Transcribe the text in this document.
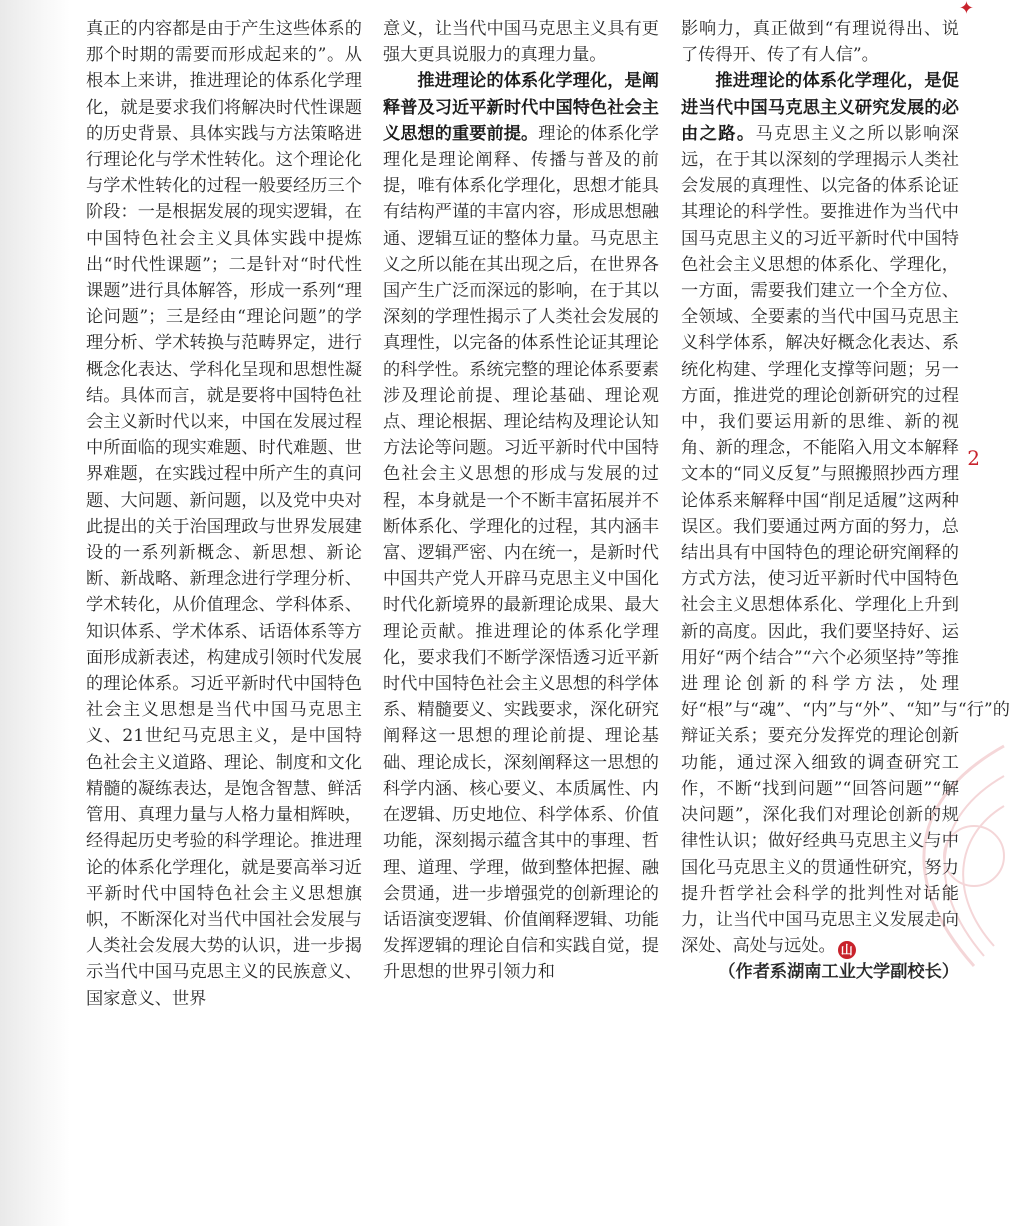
✦

真正的内容都是由于产生这些体系的那个时期的需要而形成起来的”。从根本上来讲，推进理论的体系化学理化，就是要求我们将解决时代性课题的历史背景、具体实践与方法策略进行理论化与学术性转化。这个理论化与学术性转化的过程一般要经历三个阶段：一是根据发展的现实逻辑，在中国特色社会主义具体实践中提炼出“时代性课题”；二是针对“时代性课题”进行具体解答，形成一系列“理论问题”；三是经由“理论问题”的学理分析、学术转换与范畴界定，进行概念化表达、学科化呈现和思想性凝结。具体而言，就是要将中国特色社会主义新时代以来，中国在发展过程中所面临的现实难题、时代难题、世界难题，在实践过程中所产生的真问题、大问题、新问题，以及党中央对此提出的关于治国理政与世界发展建设的一系列新概念、新思想、新论断、新战略、新理念进行学理分析、学术转化，从价值理念、学科体系、知识体系、学术体系、话语体系等方面形成新表述，构建成引领时代发展的理论体系。习近平新时代中国特色社会主义思想是当代中国马克思主义、21世纪马克思主义，是中国特色社会主义道路、理论、制度和文化精髓的凝练表达，是饱含智慧、鲜活管用、真理力量与人格力量相辉映，经得起历史考验的科学理论。推进理论的体系化学理化，就是要高举习近平新时代中国特色社会主义思想旗帜，不断深化对当代中国社会发展与人类社会发展大势的认识，进一步揭示当代中国马克思主义的民族意义、国家意义、世界

意义，让当代中国马克思主义具有更强大更具说服力的真理力量。

推进理论的体系化学理化，是阐释普及习近平新时代中国特色社会主义思想的重要前提。理论的体系化学理化是理论阐释、传播与普及的前提，唯有体系化学理化，思想才能具有结构严谨的丰富内容，形成思想融通、逻辑互证的整体力量。马克思主义之所以能在其出现之后，在世界各国产生广泛而深远的影响，在于其以深刻的学理性揭示了人类社会发展的真理性，以完备的体系性论证其理论的科学性。系统完整的理论体系要素涉及理论前提、理论基础、理论观点、理论根据、理论结构及理论认知方法论等问题。习近平新时代中国特色社会主义思想的形成与发展的过程，本身就是一个不断丰富拓展并不断体系化、学理化的过程，其内涵丰富、逻辑严密、内在统一，是新时代中国共产党人开辟马克思主义中国化时代化新境界的最新理论成果、最大理论贡献。推进理论的体系化学理化，要求我们不断学深悟透习近平新时代中国特色社会主义思想的科学体系、精髓要义、实践要求，深化研究阐释这一思想的理论前提、理论基础、理论成长，深刻阐释这一思想的科学内涵、核心要义、本质属性、内在逻辑、历史地位、科学体系、价值功能，深刻揭示蕴含其中的事理、哲理、道理、学理，做到整体把握、融会贯通，进一步增强党的创新理论的话语演变逻辑、价值阐释逻辑、功能发挥逻辑的理论自信和实践自觉，提升思想的世界引领力和

影响力，真正做到“有理说得出、说了传得开、传了有人信”。

推进理论的体系化学理化，是促进当代中国马克思主义研究发展的必由之路。马克思主义之所以影响深远，在于其以深刻的学理揭示人类社会发展的真理性、以完备的体系论证其理论的科学性。要推进作为当代中国马克思主义的习近平新时代中国特色社会主义思想的体系化、学理化，一方面，需要我们建立一个全方位、全领域、全要素的当代中国马克思主义科学体系，解决好概念化表达、系统化构建、学理化支撑等问题；另一方面，推进党的理论创新研究的过程中，我们要运用新的思维、新的视角、新的理念，不能陷入用文本解释文本的“同义反复”与照搬照抄西方理论体系来解释中国“削足适履”这两种误区。我们要通过两方面的努力，总结出具有中国特色的理论研究阐释的方式方法，使习近平新时代中国特色社会主义思想体系化、学理化上升到新的高度。因此，我们要坚持好、运用好“两个结合”“六个必须坚持”等推进理论创新的科学方法，处理好“根”与“魂”、“内”与“外”、“知”与“行”的辩证关系；要充分发挥党的理论创新功能，通过深入细致的调查研究工作，不断“找到问题”“回答问题”“解决问题”，深化我们对理论创新的规律性认识；做好经典马克思主义与中国化马克思主义的贯通性研究，努力提升哲学社会科学的批判性对话能力，让当代中国马克思主义发展走向深处、高处与远处。 山

（作者系湖南工业大学副校长）

2
